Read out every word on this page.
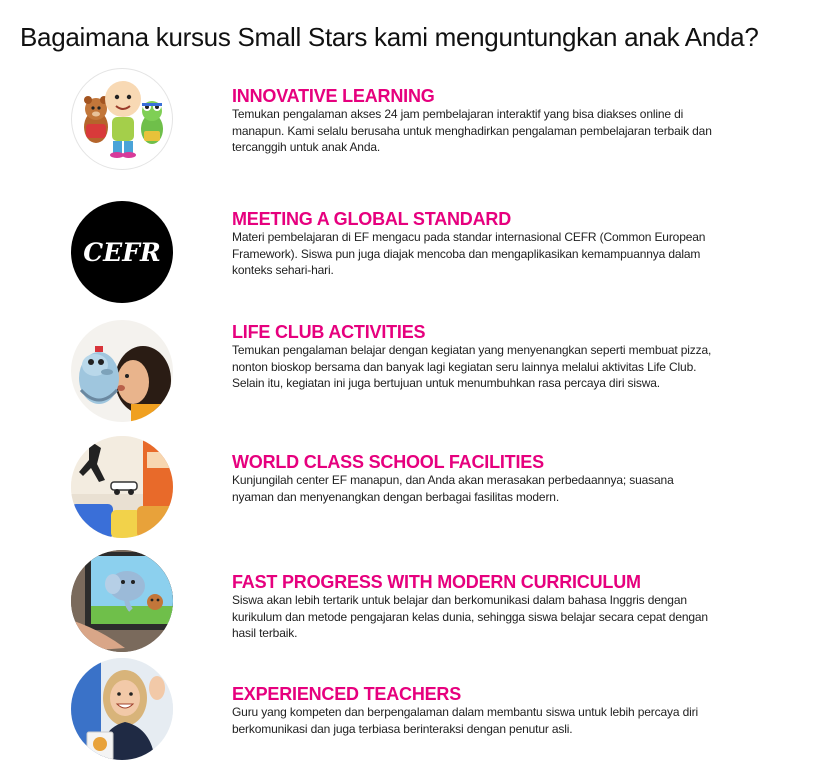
Bagaimana kursus Small Stars kami menguntungkan anak Anda?
INNOVATIVE LEARNING

Temukan pengalaman akses 24 jam pembelajaran interaktif yang bisa diakses online di manapun. Kami selalu berusaha untuk menghadirkan pengalaman pembelajaran terbaik dan tercanggih untuk anak Anda.

CEFR
MEETING A GLOBAL STANDARD

Materi pembelajaran di EF mengacu pada standar internasional CEFR (Common European Framework). Siswa pun juga diajak mencoba dan mengaplikasikan kemampuannya dalam konteks sehari-hari.

LIFE CLUB ACTIVITIES

Temukan pengalaman belajar dengan kegiatan yang menyenangkan seperti membuat pizza, nonton bioskop bersama dan banyak lagi kegiatan seru lainnya melalui aktivitas Life Club. Selain itu, kegiatan ini juga bertujuan untuk menumbuhkan rasa percaya diri siswa.

WORLD CLASS SCHOOL FACILITIES

Kunjungilah center EF manapun, dan Anda akan merasakan perbedaannya; suasana nyaman dan menyenangkan dengan berbagai fasilitas modern.

FAST PROGRESS WITH MODERN CURRICULUM

Siswa akan lebih tertarik untuk belajar dan berkomunikasi dalam bahasa Inggris dengan kurikulum dan metode pengajaran kelas dunia, sehingga siswa belajar secara cepat dengan hasil terbaik.

EXPERIENCED TEACHERS

Guru yang kompeten dan berpengalaman dalam membantu siswa untuk lebih percaya diri berkomunikasi dan juga terbiasa berinteraksi dengan penutur asli.
